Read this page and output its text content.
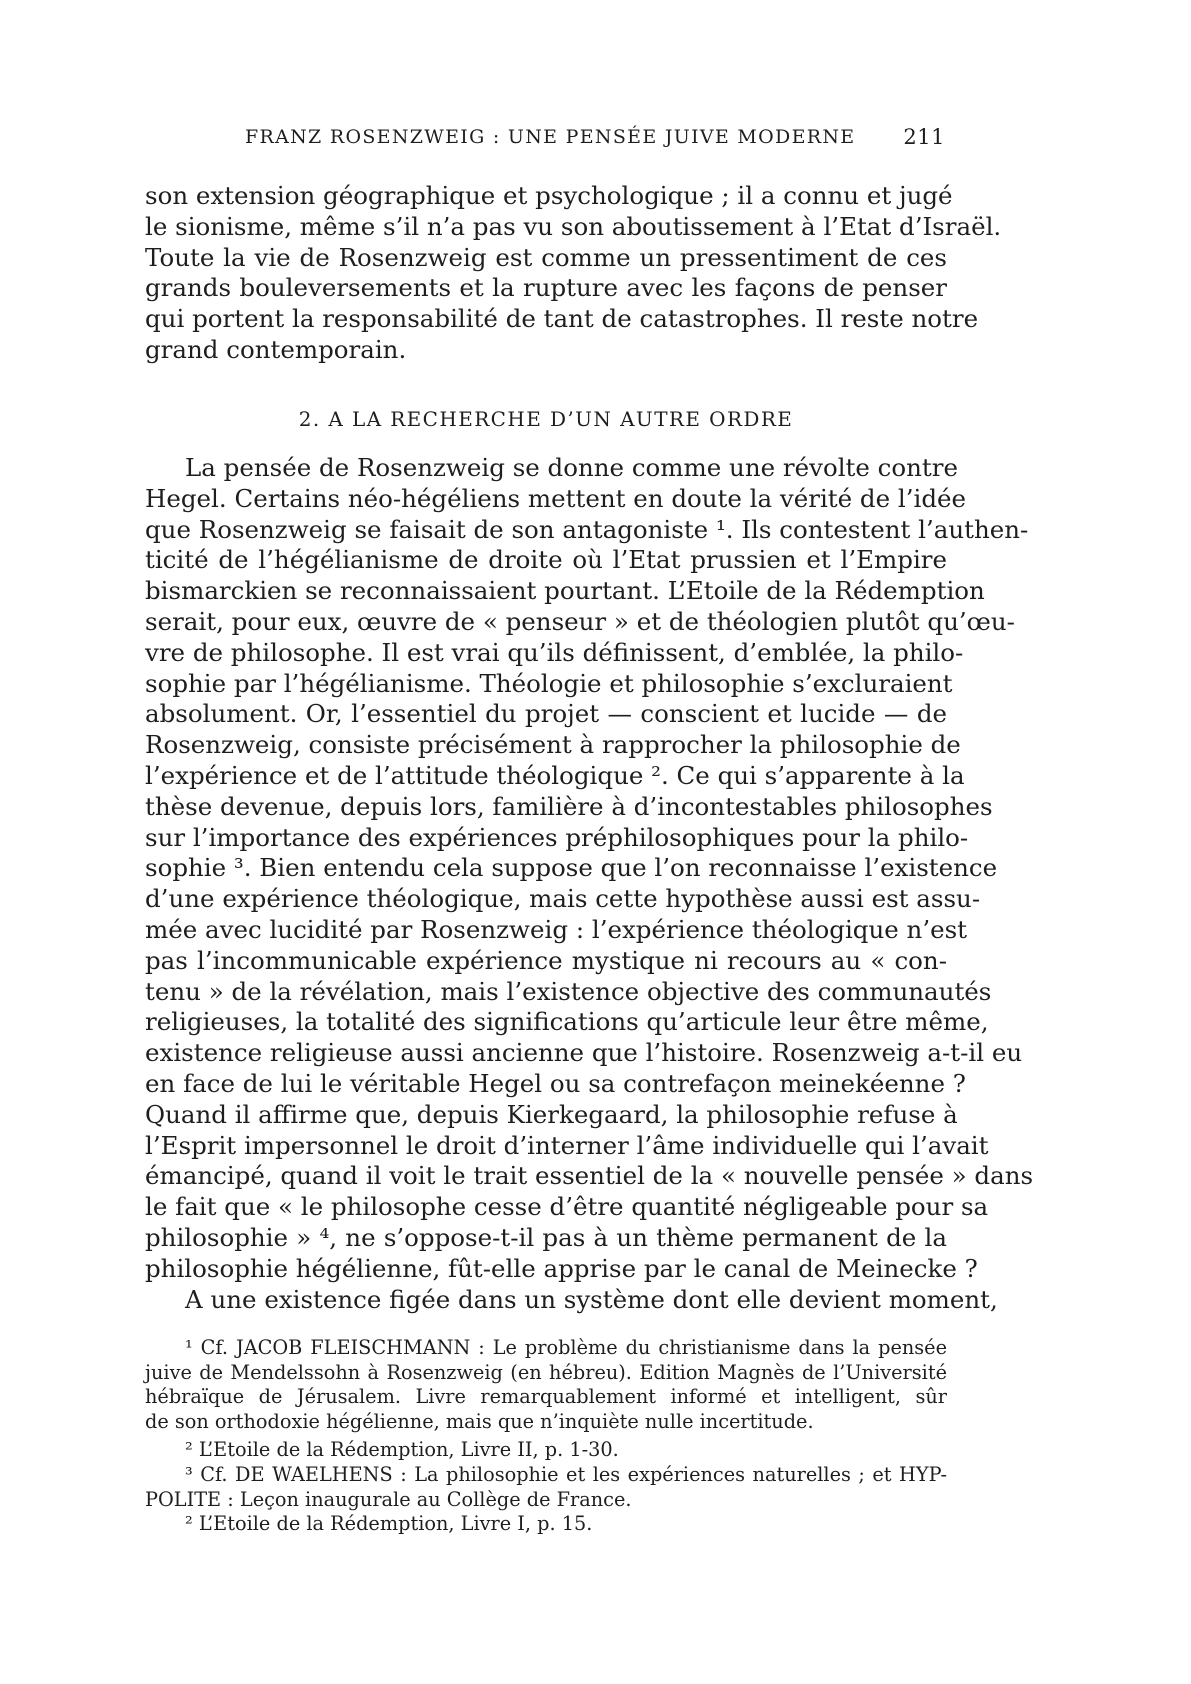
FRANZ ROSENZWEIG : UNE PENSÉE JUIVE MODERNE 211
son extension géographique et psychologique ; il a connu et jugé
le sionisme, même s’il n’a pas vu son aboutissement à l’Etat d’Israël.
Toute la vie de Rosenzweig est comme un pressentiment de ces
grands bouleversements et la rupture avec les façons de penser
qui portent la responsabilité de tant de catastrophes. Il reste notre
grand contemporain.
2. A LA RECHERCHE D’UN AUTRE ORDRE
La pensée de Rosenzweig se donne comme une révolte contre
Hegel. Certains néo-hégéliens mettent en doute la vérité de l’idée
que Rosenzweig se faisait de son antagoniste ¹. Ils contestent l’authen-
ticité de l’hégélianisme de droite où l’Etat prussien et l’Empire
bismarckien se reconnaissaient pourtant. L’Etoile de la Rédemption
serait, pour eux, œuvre de « penseur » et de théologien plutôt qu’œu-
vre de philosophe. Il est vrai qu’ils définissent, d’emblée, la philo-
sophie par l’hégélianisme. Théologie et philosophie s’excluraient
absolument. Or, l’essentiel du projet — conscient et lucide — de
Rosenzweig, consiste précisément à rapprocher la philosophie de
l’expérience et de l’attitude théologique ². Ce qui s’apparente à la
thèse devenue, depuis lors, familière à d’incontestables philosophes
sur l’importance des expériences préphilosophiques pour la philo-
sophie ³. Bien entendu cela suppose que l’on reconnaisse l’existence
d’une expérience théologique, mais cette hypothèse aussi est assu-
mée avec lucidité par Rosenzweig : l’expérience théologique n’est
pas l’incommunicable expérience mystique ni recours au « con-
tenu » de la révélation, mais l’existence objective des communautés
religieuses, la totalité des significations qu’articule leur être même,
existence religieuse aussi ancienne que l’histoire. Rosenzweig a-t-il eu
en face de lui le véritable Hegel ou sa contrefaçon meinekéenne ?
Quand il affirme que, depuis Kierkegaard, la philosophie refuse à
l’Esprit impersonnel le droit d’interner l’âme individuelle qui l’avait
émancipé, quand il voit le trait essentiel de la « nouvelle pensée » dans
le fait que « le philosophe cesse d’être quantité négligeable pour sa
philosophie » ⁴, ne s’oppose-t-il pas à un thème permanent de la
philosophie hégélienne, fût-elle apprise par le canal de Meinecke ?
A une existence figée dans un système dont elle devient moment,
¹ Cf. JACOB FLEISCHMANN : Le problème du christianisme dans la pensée
juive de Mendelssohn à Rosenzweig (en hébreu). Edition Magnès de l’Université
hébraïque de Jérusalem. Livre remarquablement informé et intelligent, sûr
de son orthodoxie hégélienne, mais que n’inquiète nulle incertitude.
² L’Etoile de la Rédemption, Livre II, p. 1-30.
³ Cf. DE WAELHENS : La philosophie et les expériences naturelles ; et HYP-
POLITE : Leçon inaugurale au Collège de France.
² L’Etoile de la Rédemption, Livre I, p. 15.
